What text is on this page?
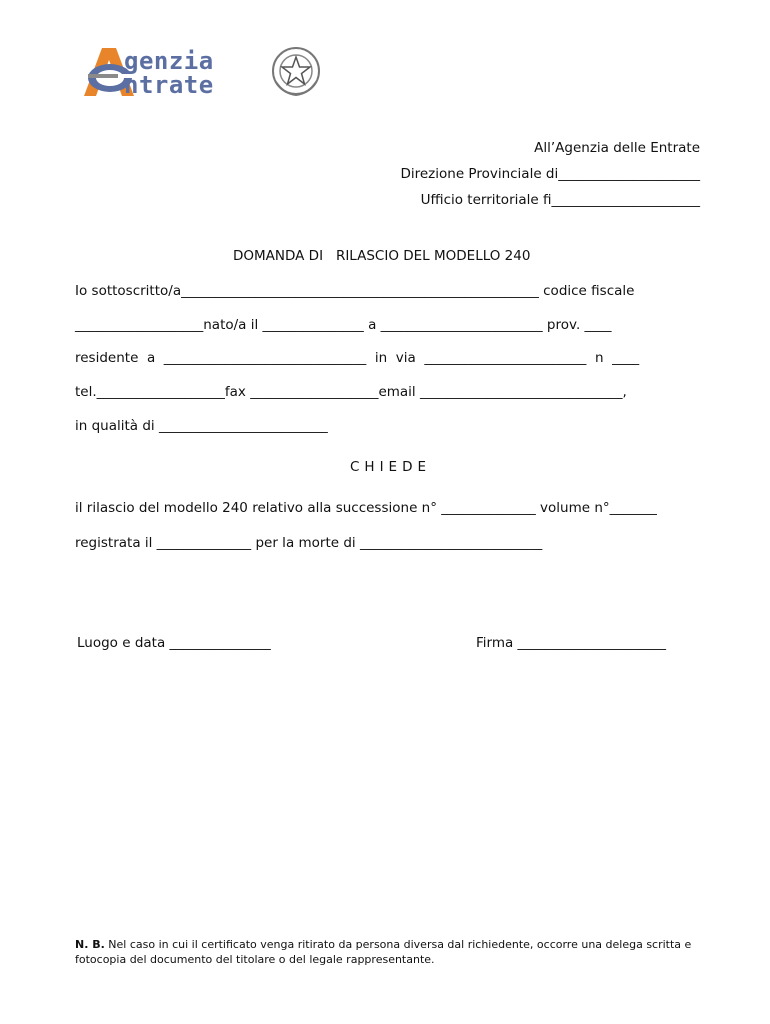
genzia
ntrate
All’Agenzia delle Entrate
Direzione Provinciale di_____________________
Ufficio territoriale fi______________________
DOMANDA DI   RILASCIO DEL MODELLO 240
Io sottoscritto/a_____________________________________________________ codice fiscale
___________________nato/a il _______________ a ________________________ prov. ____
residente  a  ______________________________  in  via  ________________________  n  ____
tel.___________________fax ___________________email ______________________________,
in qualità di _________________________
CHIEDE
il rilascio del modello 240 relativo alla successione n° ______________ volume n°_______
registrata il ______________ per la morte di ___________________________
Luogo e data _______________	Firma ______________________
N. B. Nel caso in cui il certificato venga ritirato da persona diversa dal richiedente, occorre una delega scritta e fotocopia del documento del titolare o del legale rappresentante.
